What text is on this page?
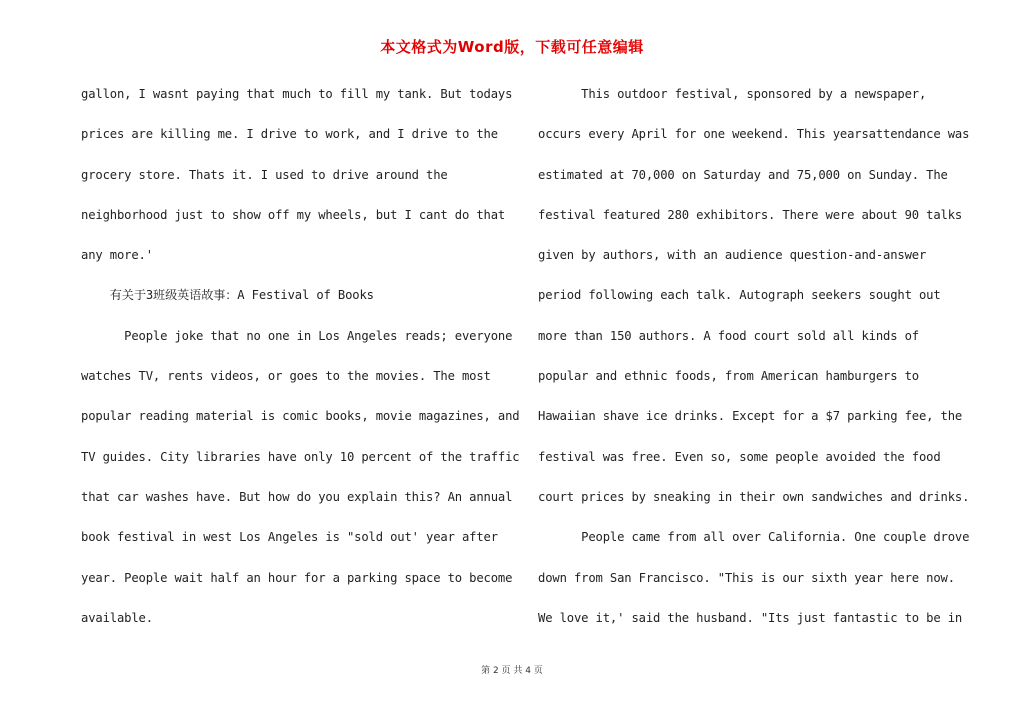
本文格式为Word版，下载可任意编辑
gallon, I wasnt paying that much to fill my tank. But todays
prices are killing me. I drive to work, and I drive to the
grocery store. Thats it. I used to drive around the
neighborhood just to show off my wheels, but I cant do that
any more.'
有关于3班级英语故事：A Festival of Books
People joke that no one in Los Angeles reads; everyone
watches TV, rents videos, or goes to the movies. The most
popular reading material is comic books, movie magazines, and
TV guides. City libraries have only 10 percent of the traffic
that car washes have. But how do you explain this? An annual
book festival in west Los Angeles is "sold out' year after
year. People wait half an hour for a parking space to become
available.
This outdoor festival, sponsored by a newspaper,
occurs every April for one weekend. This yearsattendance was
estimated at 70,000 on Saturday and 75,000 on Sunday. The
festival featured 280 exhibitors. There were about 90 talks
given by authors, with an audience question-and-answer
period following each talk. Autograph seekers sought out
more than 150 authors. A food court sold all kinds of
popular and ethnic foods, from American hamburgers to
Hawaiian shave ice drinks. Except for a $7 parking fee, the
festival was free. Even so, some people avoided the food
court prices by sneaking in their own sandwiches and drinks.
People came from all over California. One couple drove
down from San Francisco. "This is our sixth year here now.
We love it,' said the husband. "Its just fantastic to be in
第 2 页 共 4 页
